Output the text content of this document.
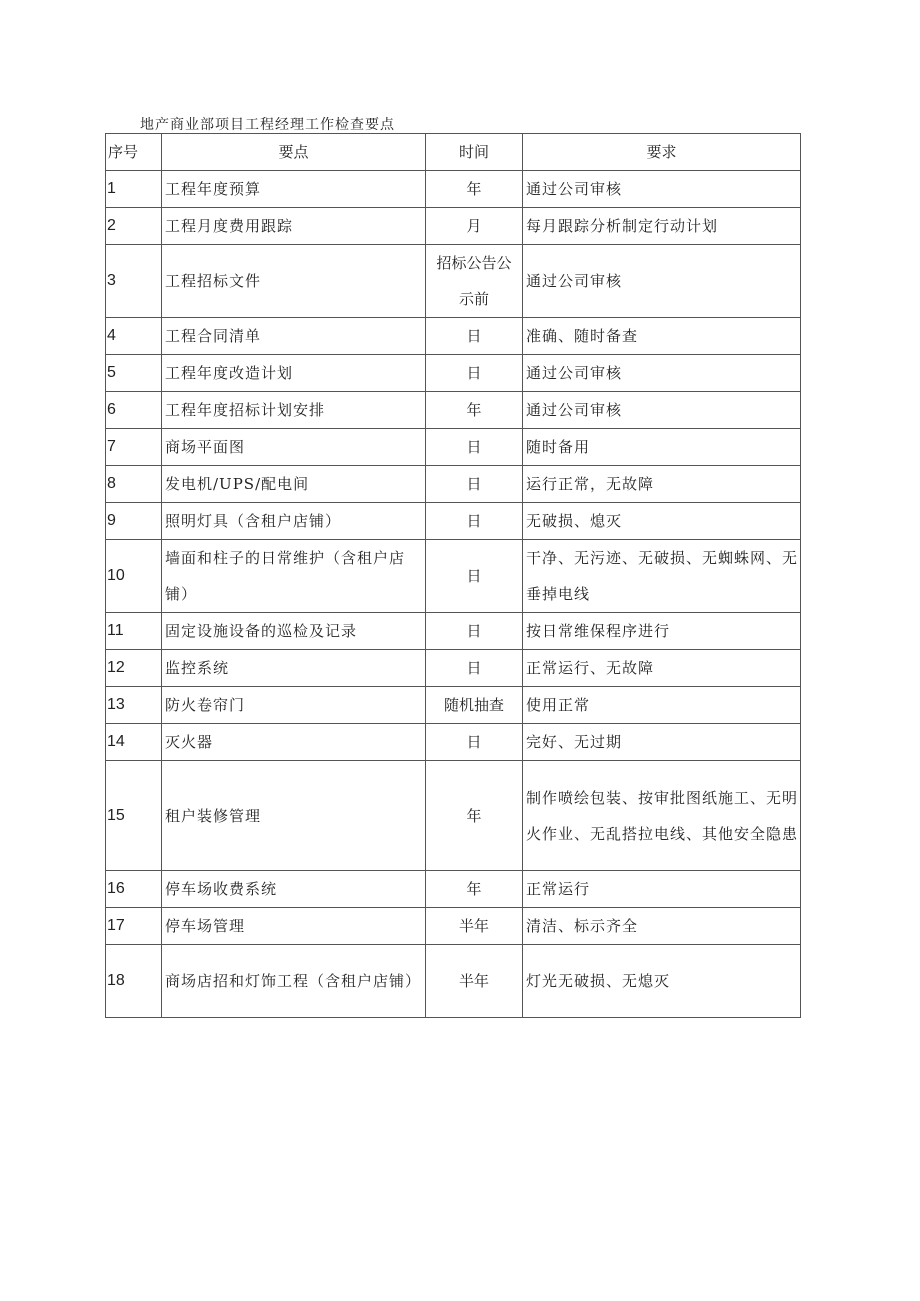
地产商业部项目工程经理工作检查要点
序号	要点	时间	要求
1	工程年度预算	年	通过公司审核
2	工程月度费用跟踪	月	每月跟踪分析制定行动计划
3	工程招标文件	招标公告公示前	通过公司审核
4	工程合同清单	日	准确、随时备查
5	工程年度改造计划	日	通过公司审核
6	工程年度招标计划安排	年	通过公司审核
7	商场平面图	日	随时备用
8	发电机/UPS/配电间	日	运行正常，无故障
9	照明灯具（含租户店铺）	日	无破损、熄灭
10	墙面和柱子的日常维护（含租户店铺）	日	干净、无污迹、无破损、无蜘蛛网、无垂掉电线
11	固定设施设备的巡检及记录	日	按日常维保程序进行
12	监控系统	日	正常运行、无故障
13	防火卷帘门	随机抽查	使用正常
14	灭火器	日	完好、无过期
15	租户装修管理	年	制作喷绘包装、按审批图纸施工、无明火作业、无乱搭拉电线、其他安全隐患
16	停车场收费系统	年	正常运行
17	停车场管理	半年	清洁、标示齐全
18	商场店招和灯饰工程（含租户店铺）	半年	灯光无破损、无熄灭
